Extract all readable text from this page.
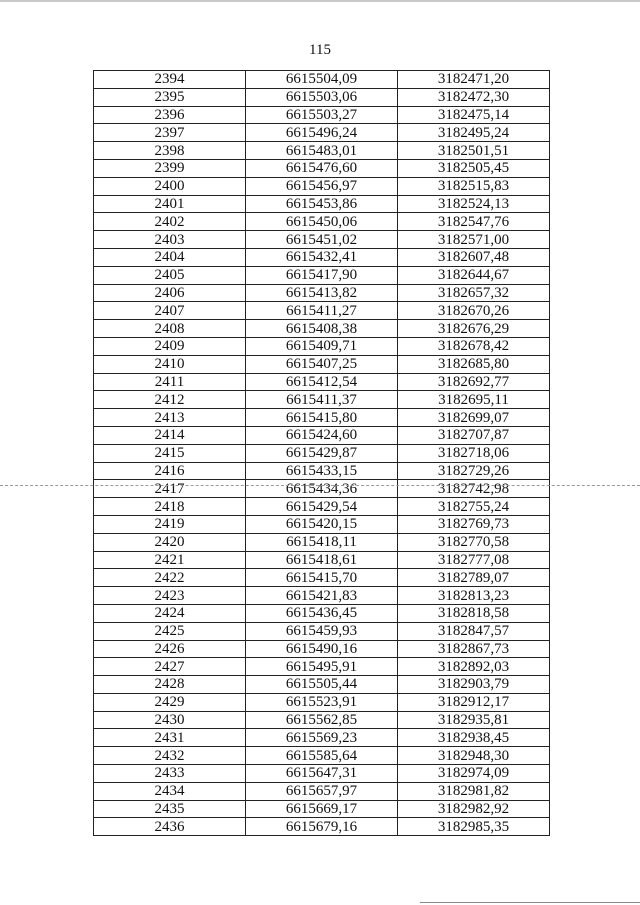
115
2394	6615504,09	3182471,20
2395	6615503,06	3182472,30
2396	6615503,27	3182475,14
2397	6615496,24	3182495,24
2398	6615483,01	3182501,51
2399	6615476,60	3182505,45
2400	6615456,97	3182515,83
2401	6615453,86	3182524,13
2402	6615450,06	3182547,76
2403	6615451,02	3182571,00
2404	6615432,41	3182607,48
2405	6615417,90	3182644,67
2406	6615413,82	3182657,32
2407	6615411,27	3182670,26
2408	6615408,38	3182676,29
2409	6615409,71	3182678,42
2410	6615407,25	3182685,80
2411	6615412,54	3182692,77
2412	6615411,37	3182695,11
2413	6615415,80	3182699,07
2414	6615424,60	3182707,87
2415	6615429,87	3182718,06
2416	6615433,15	3182729,26
2417	6615434,36	3182742,98
2418	6615429,54	3182755,24
2419	6615420,15	3182769,73
2420	6615418,11	3182770,58
2421	6615418,61	3182777,08
2422	6615415,70	3182789,07
2423	6615421,83	3182813,23
2424	6615436,45	3182818,58
2425	6615459,93	3182847,57
2426	6615490,16	3182867,73
2427	6615495,91	3182892,03
2428	6615505,44	3182903,79
2429	6615523,91	3182912,17
2430	6615562,85	3182935,81
2431	6615569,23	3182938,45
2432	6615585,64	3182948,30
2433	6615647,31	3182974,09
2434	6615657,97	3182981,82
2435	6615669,17	3182982,92
2436	6615679,16	3182985,35
